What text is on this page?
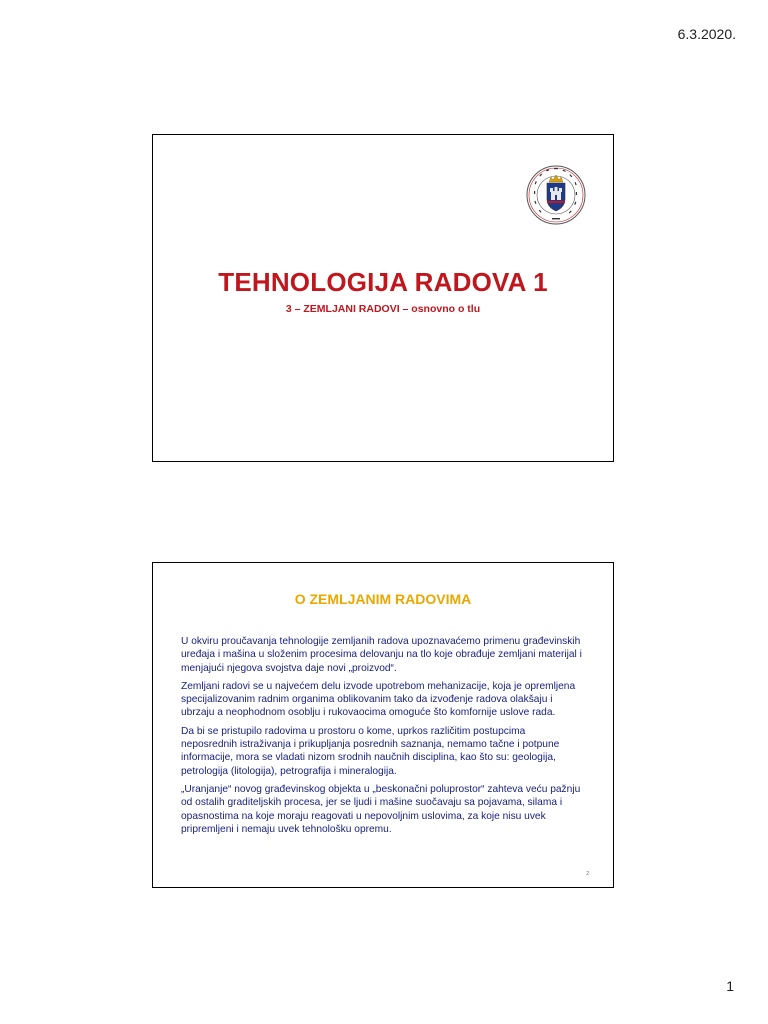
6.3.2020.
TEHNOLOGIJA RADOVA 1
3 – ZEMLJANI RADOVI – osnovno o tlu
O ZEMLJANIM RADOVIMA

U okviru proučavanja tehnologije zemljanih radova upoznavaćemo primenu građevinskih uređaja i mašina u složenim procesima delovanju na tlo koje obrađuje zemljani materijal i menjajući njegova svojstva daje novi „proizvod“.

Zemljani radovi se u najvećem delu izvode upotrebom mehanizacije, koja je opremljena specijalizovanim radnim organima oblikovanim tako da izvođenje radova olakšaju i ubrzaju a neophodnom osoblju i rukovaocima omoguće što komfornije uslove rada.

Da bi se pristupilo radovima u prostoru o kome, uprkos različitim postupcima neposrednih istraživanja i prikupljanja posrednih saznanja, nemamo tačne i potpune informacije, mora se vladati nizom srodnih naučnih disciplina, kao što su: geologija, petrologija (litologija), petrografija i mineralogija.

„Uranjanje“ novog građevinskog objekta u „beskonačni poluprostor“ zahteva veću pažnju od ostalih graditeljskih procesa, jer se ljudi i mašine suočavaju sa pojavama, silama i opasnostima na koje moraju reagovati u nepovoljnim uslovima, za koje nisu uvek pripremljeni i nemaju uvek tehnološku opremu.

2
1
